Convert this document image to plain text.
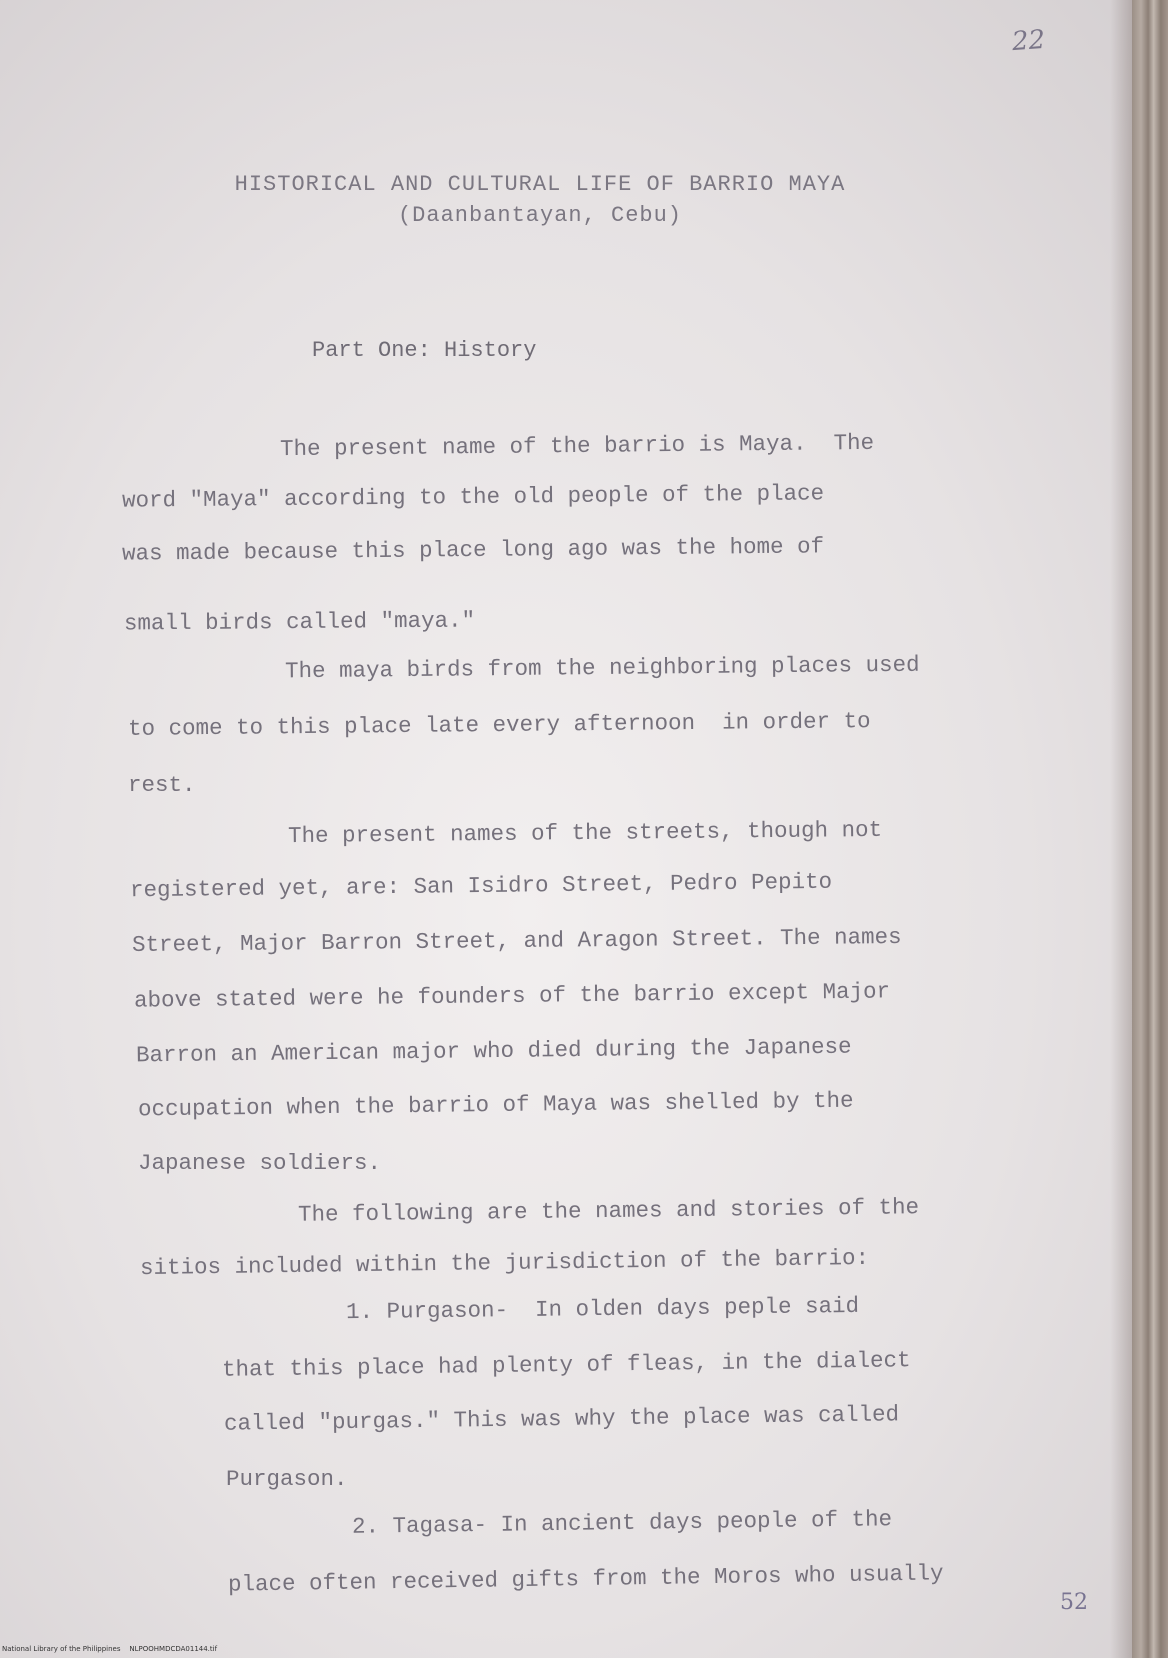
22
HISTORICAL AND CULTURAL LIFE OF BARRIO MAYA
(Daanbantayan, Cebu)
Part One: History
The present name of the barrio is Maya.  The
word "Maya" according to the old people of the place
was made because this place long ago was the home of
small birds called "maya."
The maya birds from the neighboring places used
to come to this place late every afternoon  in order to
rest.
The present names of the streets, though not
registered yet, are: San Isidro Street, Pedro Pepito
Street, Major Barron Street, and Aragon Street. The names
above stated were he founders of the barrio except Major
Barron an American major who died during the Japanese
occupation when the barrio of Maya was shelled by the
Japanese soldiers.
The following are the names and stories of the
sitios included within the jurisdiction of the barrio:
1. Purgason-  In olden days peple said
that this place had plenty of fleas, in the dialect
called "purgas." This was why the place was called
Purgason.
2. Tagasa- In ancient days people of the
place often received gifts from the Moros who usually
52
National Library of the Philippines    NLPOOHMDCDA01144.tif
